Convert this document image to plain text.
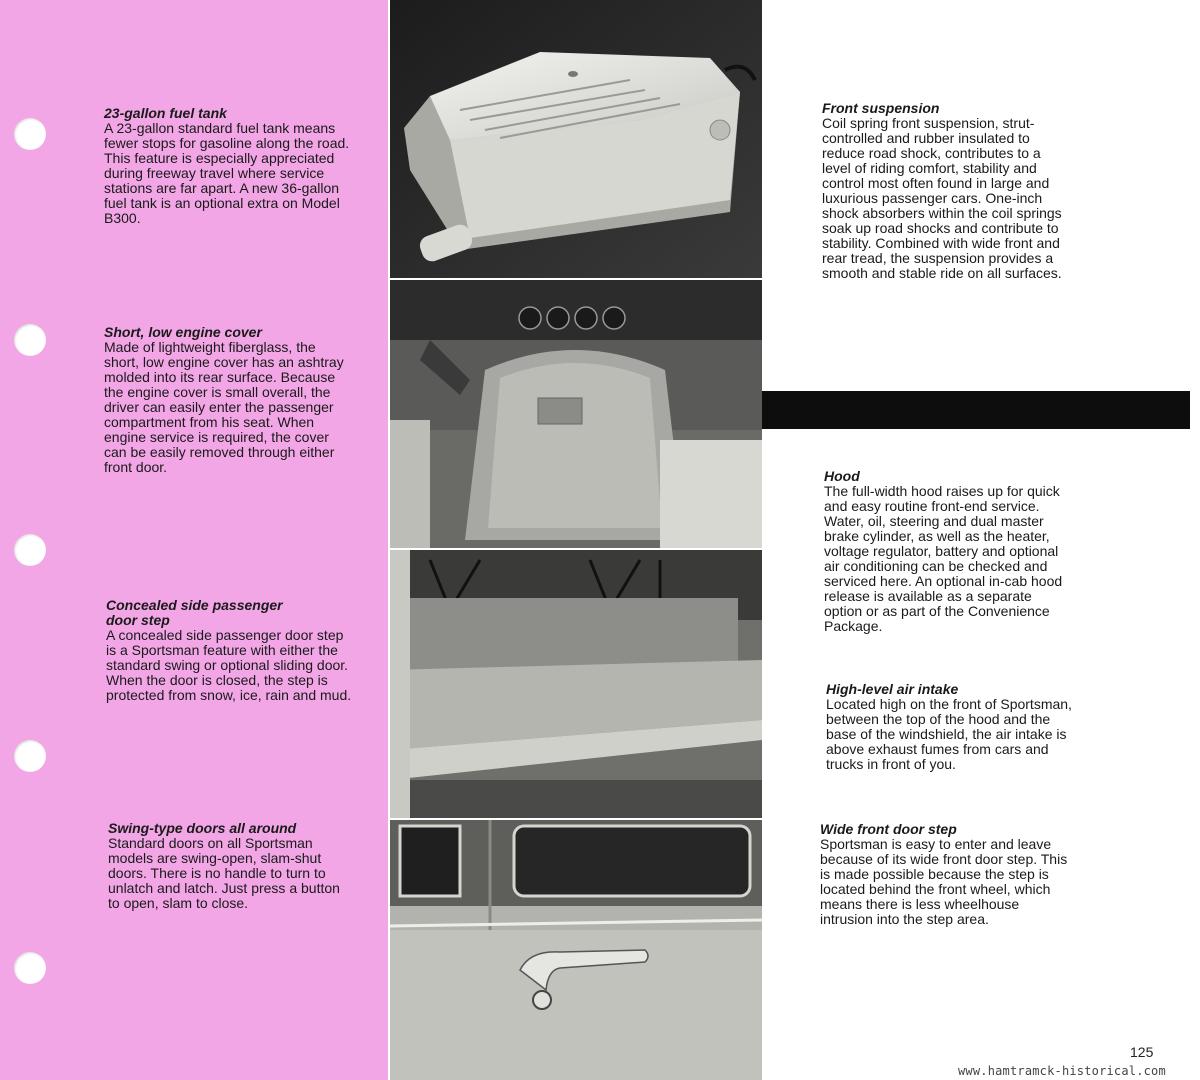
23-gallon fuel tank

A 23-gallon standard fuel tank means fewer stops for gasoline along the road. This feature is especially appreciated during freeway travel where service stations are far apart. A new 36-gallon fuel tank is an optional extra on Model B300.

Short, low engine cover

Made of lightweight fiberglass, the short, low engine cover has an ashtray molded into its rear surface. Because the engine cover is small overall, the driver can easily enter the passenger compartment from his seat. When engine service is required, the cover can be easily removed through either front door.

Concealed side passenger door step

A concealed side passenger door step is a Sportsman feature with either the standard swing or optional sliding door. When the door is closed, the step is protected from snow, ice, rain and mud.

Swing-type doors all around

Standard doors on all Sportsman models are swing-open, slam-shut doors. There is no handle to turn to unlatch and latch. Just press a button to open, slam to close.

Front suspension

Coil spring front suspension, strut-controlled and rubber insulated to reduce road shock, contributes to a level of riding comfort, stability and control most often found in large and luxurious passenger cars. One-inch shock absorbers within the coil springs soak up road shocks and contribute to stability. Combined with wide front and rear tread, the suspension provides a smooth and stable ride on all surfaces.

Hood

The full-width hood raises up for quick and easy routine front-end service. Water, oil, steering and dual master brake cylinder, as well as the heater, voltage regulator, battery and optional air conditioning can be checked and serviced here. An optional in-cab hood release is available as a separate option or as part of the Convenience Package.

High-level air intake

Located high on the front of Sportsman, between the top of the hood and the base of the windshield, the air intake is above exhaust fumes from cars and trucks in front of you.

Wide front door step

Sportsman is easy to enter and leave because of its wide front door step. This is made possible because the step is located behind the front wheel, which means there is less wheelhouse intrusion into the step area.

125
www.hamtramck-historical.com
